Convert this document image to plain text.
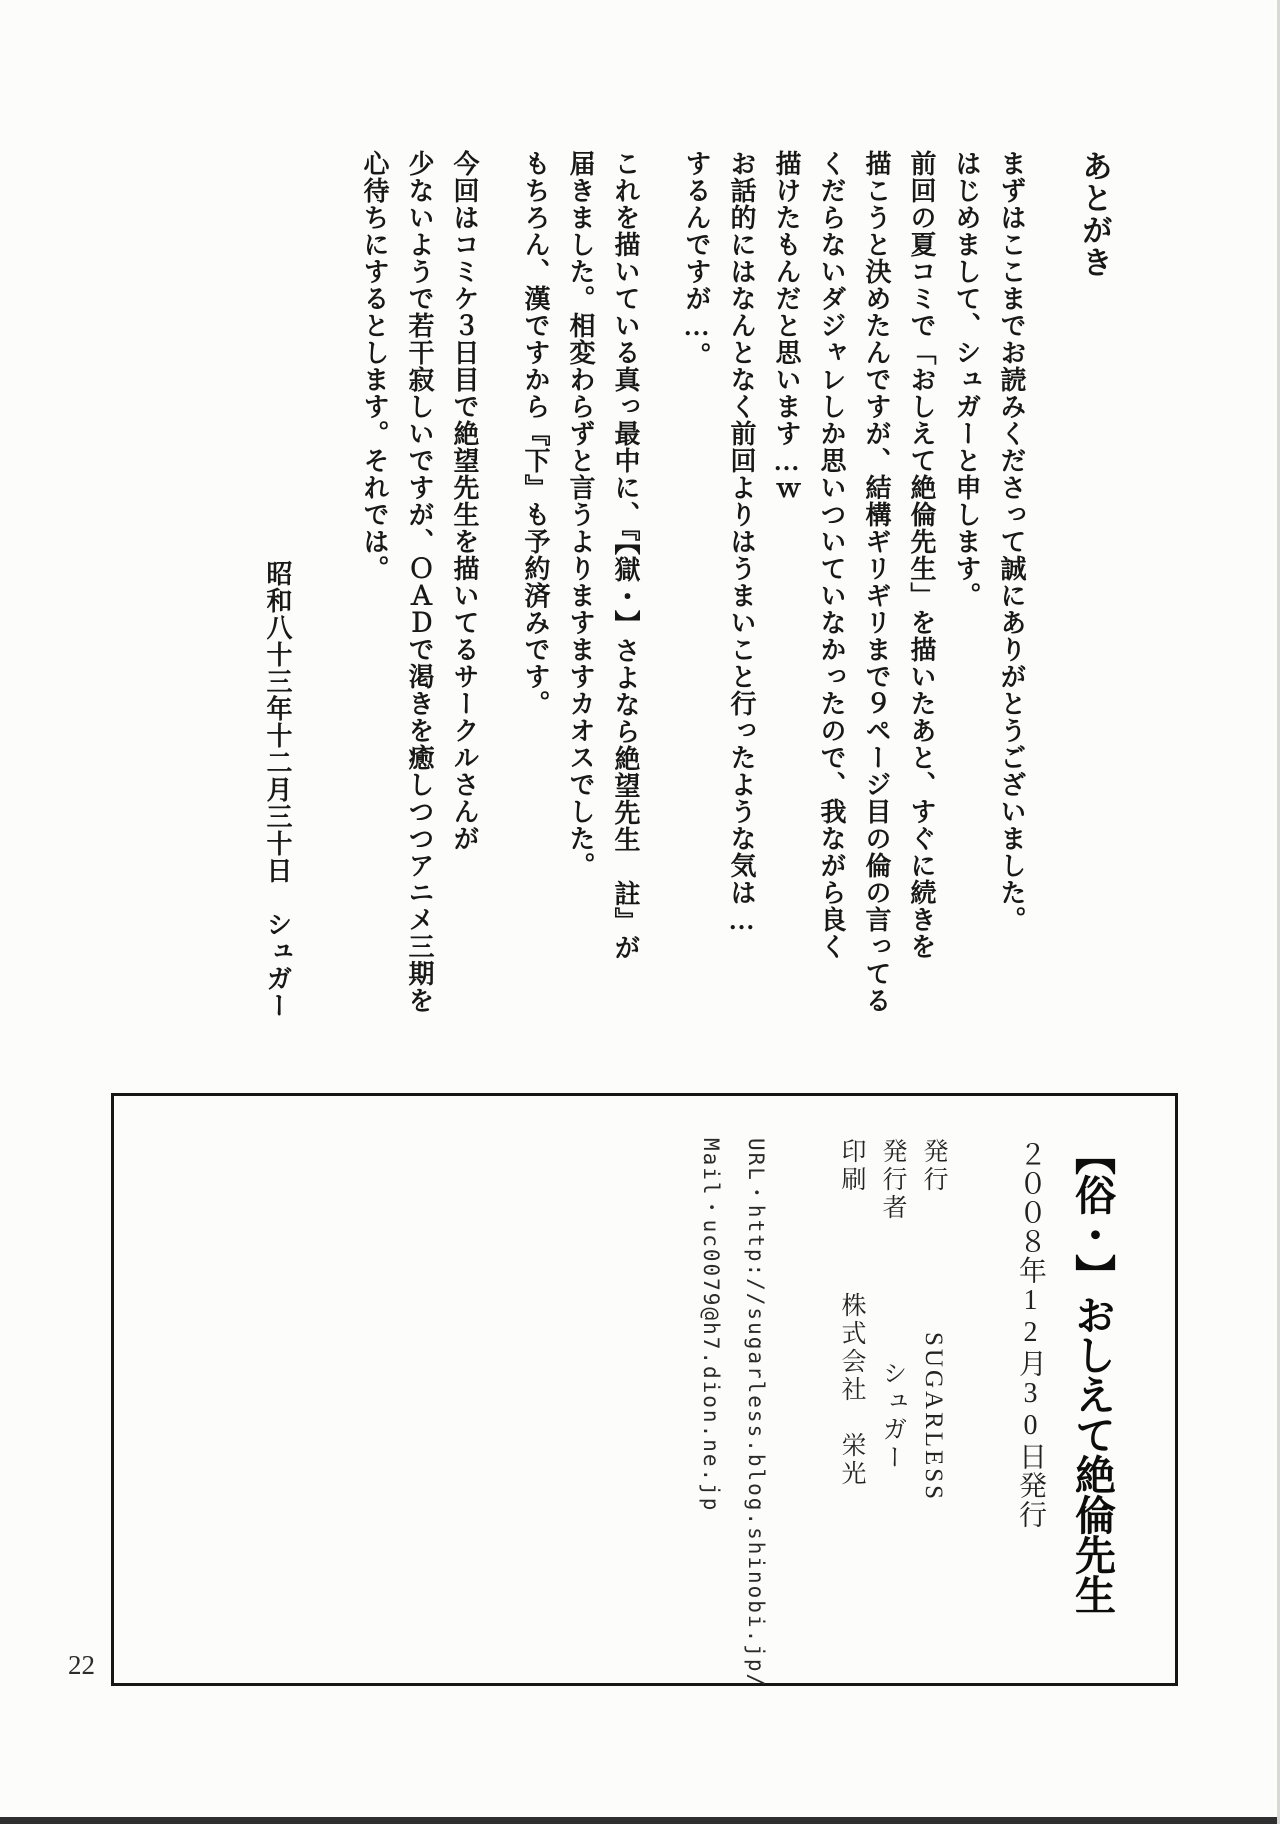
あとがき

まずはここまでお読みくださって誠にありがとうございました。

はじめまして、シュガーと申します。

前回の夏コミで「おしえて絶倫先生」を描いたあと、すぐに続きを

描こうと決めたんですが、結構ギリギリまで９ページ目の倫の言ってる

くだらないダジャレしか思いついていなかったので、我ながら良く

描けたもんだと思います…ｗ

お話的にはなんとなく前回よりはうまいこと行ったような気は…

するんですが…。

これを描いている真っ最中に、『【獄・】さよなら絶望先生　註』が

届きました。相変わらずと言うよりますますカオスでした。

もちろん、漢ですから『下』も予約済みです。

今回はコミケ３日目で絶望先生を描いてるサークルさんが

少ないようで若干寂しいですが、ＯＡＤで渇きを癒しつつアニメ三期を

心待ちにするとします。それでは。

昭和八十三年十二月三十日　シュガー

【俗・】おしえて絶倫先生

２００８年12月30日発行

発行SUGARLESS

発行者シュガー

印刷株式会社　栄光

URL・http://sugarless.blog.shinobi.jp/

Mail・uc0079@h7.dion.ne.jp

22
